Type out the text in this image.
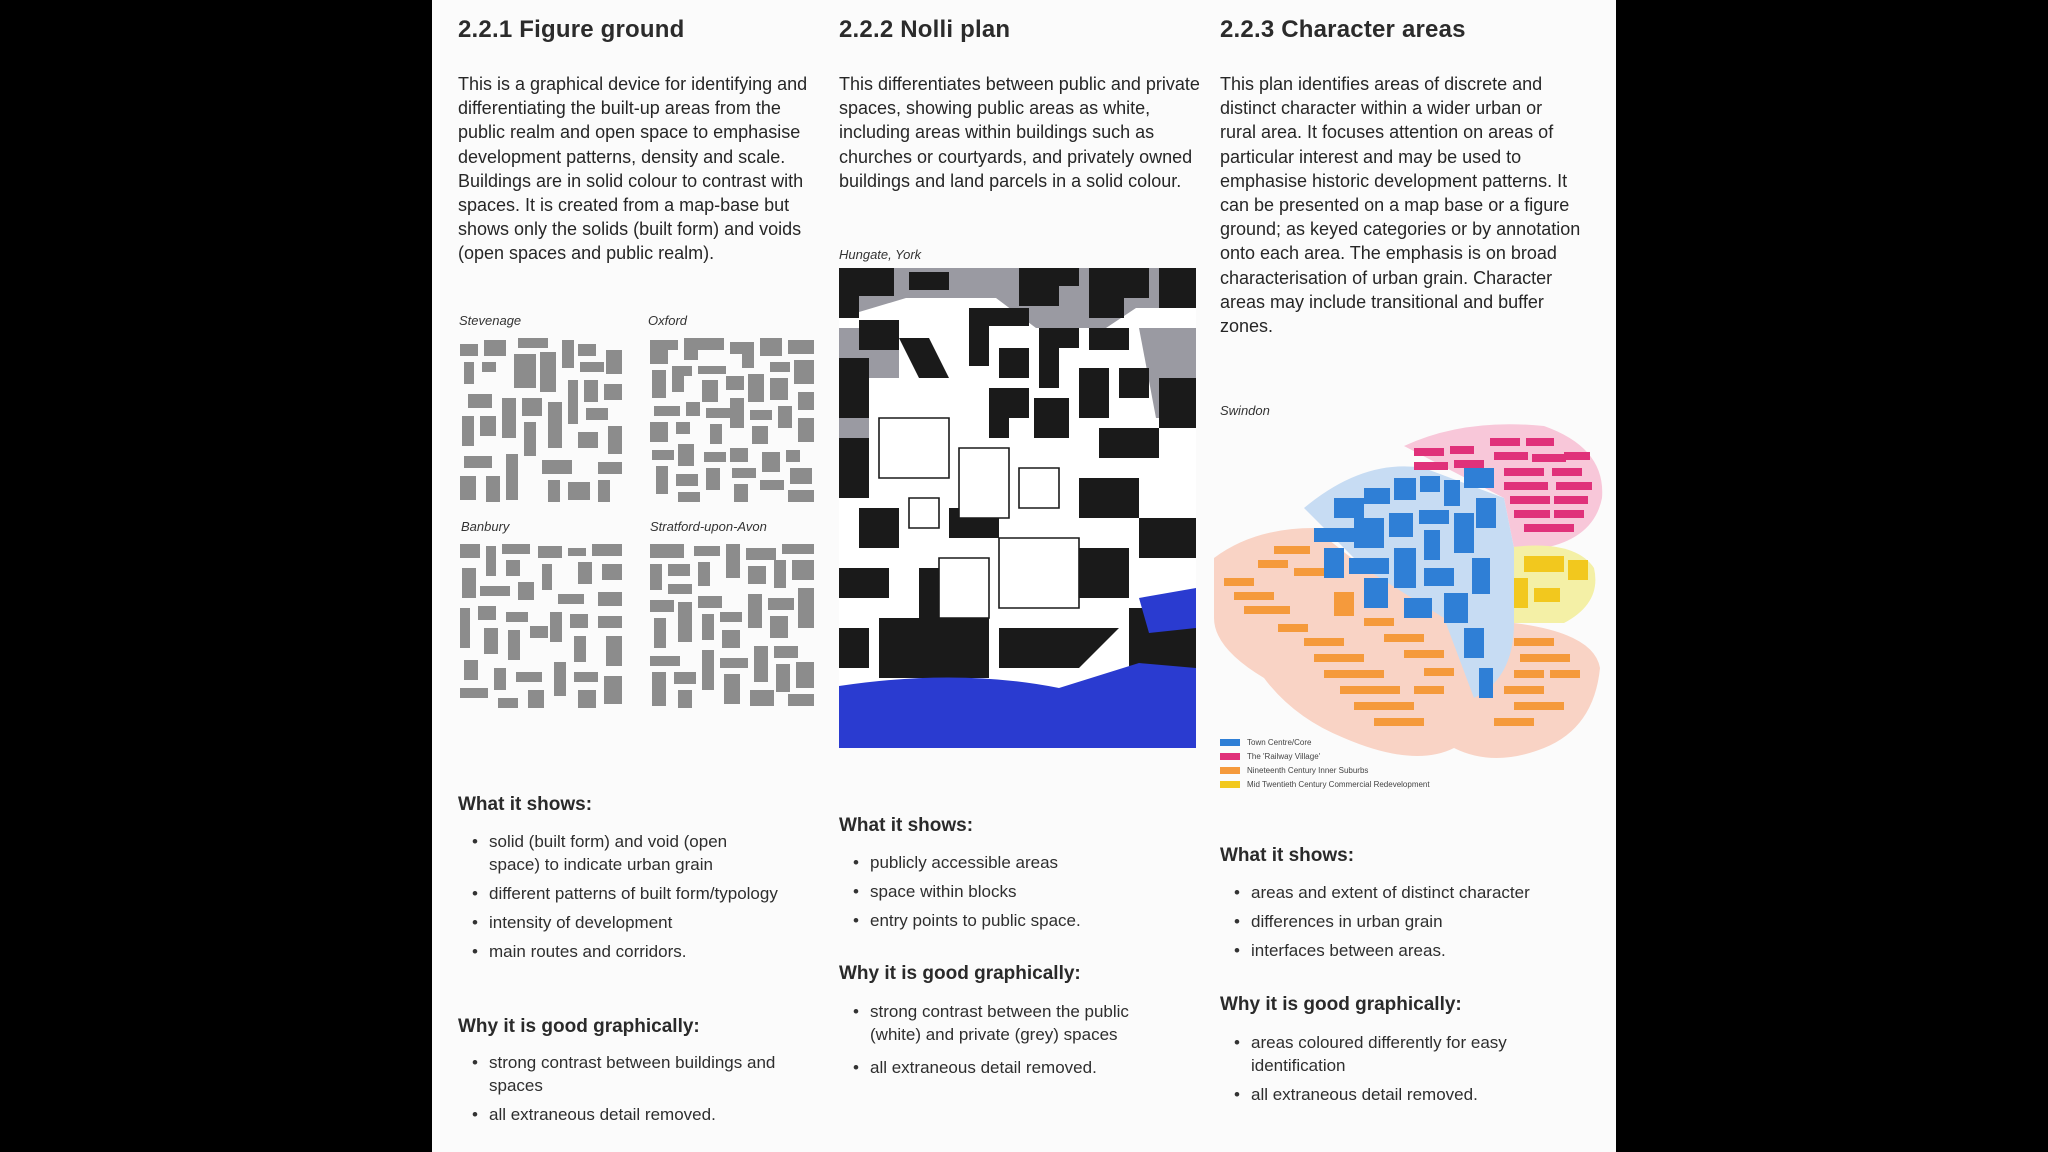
2.2.1 Figure ground
This is a graphical device for identifying and differentiating the built-up areas from the public realm and open space to emphasise development patterns, density and scale. Buildings are in solid colour to contrast with spaces. It is created from a map-base but shows only the solids (built form) and voids (open spaces and public realm).
Stevenage	Oxford
Banbury	Stratford-upon-Avon
What it shows:
• solid (built form) and void (open space) to indicate urban grain
• different patterns of built form/typology
• intensity of development
• main routes and corridors.
Why it is good graphically:
• strong contrast between buildings and spaces
• all extraneous detail removed.
2.2.2 Nolli plan
This differentiates between public and private spaces, showing public areas as white, including areas within buildings such as churches or courtyards, and privately owned buildings and land parcels in a solid colour.
Hungate, York
What it shows:
• publicly accessible areas
• space within blocks
• entry points to public space.
Why it is good graphically:
• strong contrast between the public (white) and private (grey) spaces
• all extraneous detail removed.
2.2.3 Character areas
This plan identifies areas of discrete and distinct character within a wider urban or rural area. It focuses attention on areas of particular interest and may be used to emphasise historic development patterns. It can be presented on a map base or a figure ground; as keyed categories or by annotation onto each area. The emphasis is on broad characterisation of urban grain. Character areas may include transitional and buffer zones.
Swindon
Town Centre/Core
The 'Railway Village'
Nineteenth Century Inner Suburbs
Mid Twentieth Century Commercial Redevelopment
What it shows:
• areas and extent of distinct character
• differences in urban grain
• interfaces between areas.
Why it is good graphically:
• areas coloured differently for easy identification
• all extraneous detail removed.
